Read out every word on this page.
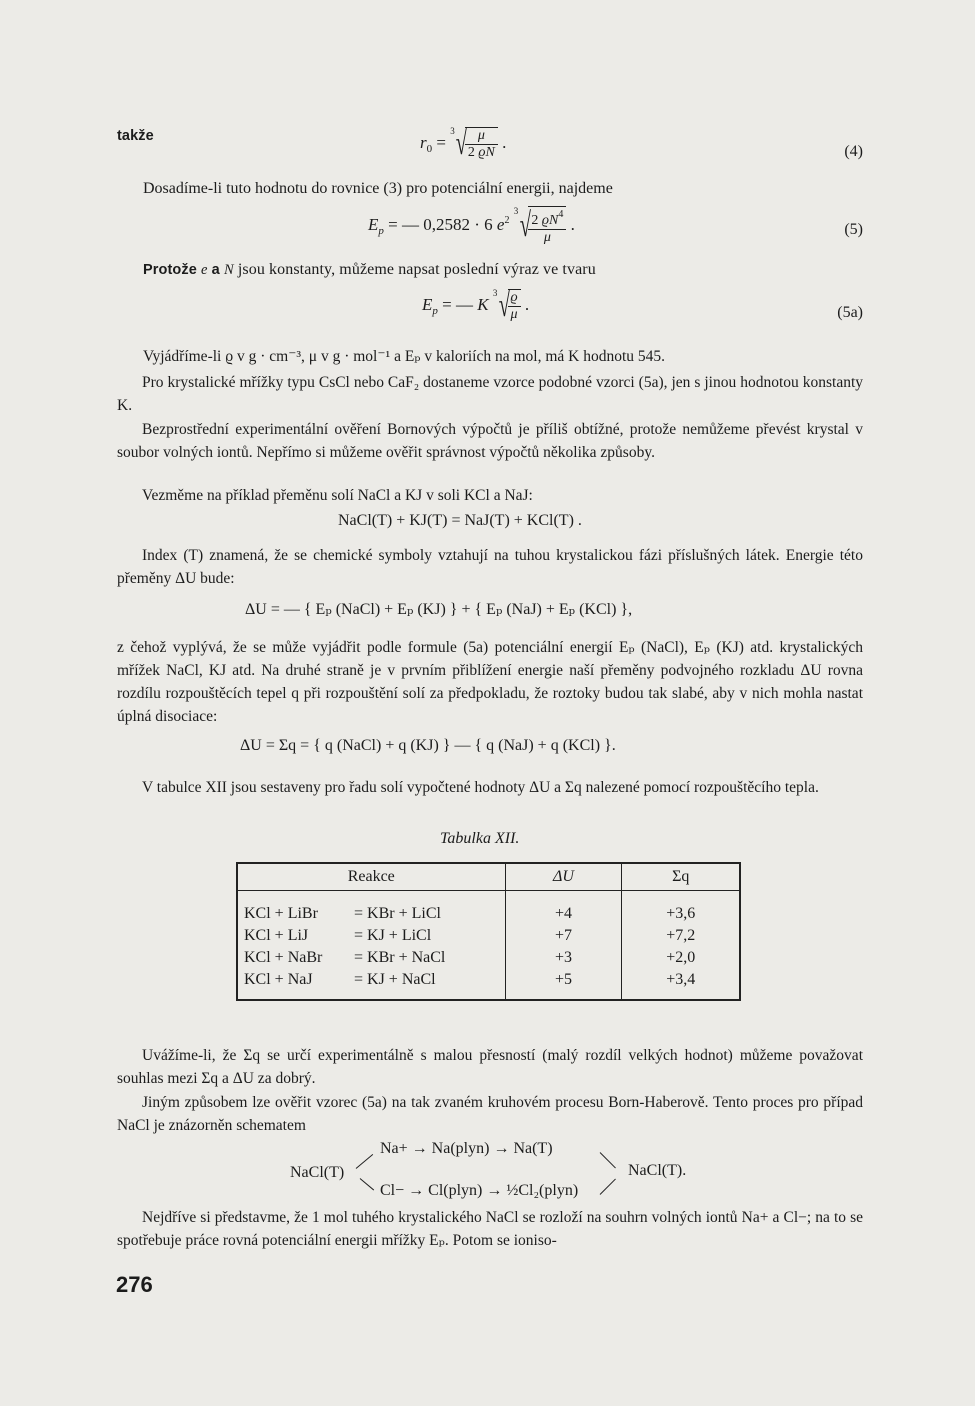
takže	$r_0$ =
3 √
$\frac{\mu}{2 ϱN}$ .	(4)
Dosadíme-li tuto hodnotu do rovnice (3) pro potenciální energii, najdeme
$E_p$ = — 0,2582 · 6 $e^2$
3 √
$\frac{2 ϱN^4}{\mu}$ .	(5)
Protože e a N jsou konstanty, můžeme napsat poslední výraz ve tvaru
$E_p$ = — K
3 √
$\frac{ϱ}{\mu}$ .	(5a)
Vyjádříme-li ϱ v g · cm⁻³, μ v g · mol⁻¹ a Eₚ v kaloriích na mol, má K hodnotu 545.
Pro krystalické mřížky typu CsCl nebo CaF₂ dostaneme vzorce podobné vzorci (5a), jen s jinou hodnotou konstanty K.
Bezprostřední experimentální ověření Bornových výpočtů je příliš obtížné, protože nemůžeme převést krystal v soubor volných iontů. Nepřímo si můžeme ověřit správnost výpočtů několika způsoby.
Vezměme na příklad přeměnu solí NaCl a KJ v soli KCl a NaJ:
NaCl(T) + KJ(T) = NaJ(T) + KCl(T) .
Index (T) znamená, že se chemické symboly vztahují na tuhou krystalickou fázi příslušných látek. Energie této přeměny ΔU bude:
ΔU = — { Eₚ (NaCl) + Eₚ (KJ) } + { Eₚ (NaJ) + Eₚ (KCl) },
z čehož vyplývá, že se může vyjádřit podle formule (5a) potenciální energií Eₚ (NaCl), Eₚ (KJ) atd. krystalických mřížek NaCl, KJ atd. Na druhé straně je v prvním přiblížení energie naší přeměny podvojného rozkladu ΔU rovna rozdílu rozpouštěcích tepel q při rozpouštění solí za předpokladu, že roztoky budou tak slabé, aby v nich mohla nastat úplná disociace:
ΔU = Σq = { q (NaCl) + q (KJ) } — { q (NaJ) + q (KCl) }.
V tabulce XII jsou sestaveny pro řadu solí vypočtené hodnoty ΔU a Σq nalezené pomocí rozpouštěcího tepla.
Tabulka XII.
Reakce	ΔU	Σq

KCl + LiBr = KBr + LiCl	+4	+3,6
KCl + LiJ = KJ + LiCl	+7	+7,2
KCl + NaBr = KBr + NaCl	+3	+2,0
KCl + NaJ = KJ + NaCl	+5	+3,4
Uvážíme-li, že Σq se určí experimentálně s malou přesností (malý rozdíl velkých hodnot) můžeme považovat souhlas mezi Σq a ΔU za dobrý.
Jiným způsobem lze ověřit vzorec (5a) na tak zvaném kruhovém procesu Born-Haberově. Tento proces pro případ NaCl je znázorněn schematem
NaCl(T)
Na+ → Na(plyn) → Na(T)
Cl− → Cl(plyn) → ½Cl₂(plyn)
NaCl(T).
Nejdříve si představme, že 1 mol tuhého krystalického NaCl se rozloží na souhrn volných iontů Na+ a Cl−; na to se spotřebuje práce rovná potenciální energii mřížky Eₚ. Potom se ioniso-
276
